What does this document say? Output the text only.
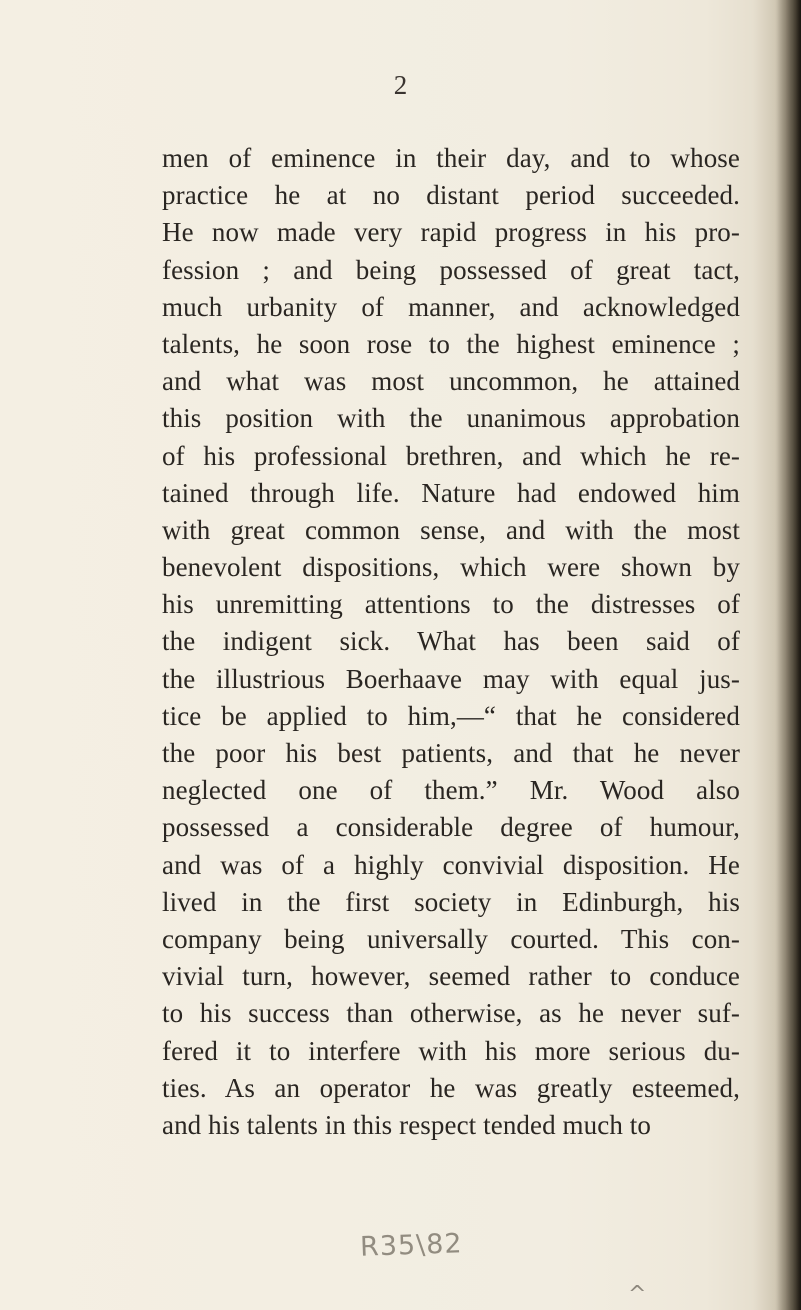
2
men of eminence in their day, and to whose
practice he at no distant period succeeded.
He now made very rapid progress in his pro-
fession ; and being possessed of great tact,
much urbanity of manner, and acknowledged
talents, he soon rose to the highest eminence ;
and what was most uncommon, he attained
this position with the unanimous approbation
of his professional brethren, and which he re-
tained through life. Nature had endowed him
with great common sense, and with the most
benevolent dispositions, which were shown by
his unremitting attentions to the distresses of
the indigent sick. What has been said of
the illustrious Boerhaave may with equal jus-
tice be applied to him,—“ that he considered
the poor his best patients, and that he never
neglected one of them.” Mr. Wood also
possessed a considerable degree of humour,
and was of a highly convivial disposition. He
lived in the first society in Edinburgh, his
company being universally courted. This con-
vivial turn, however, seemed rather to conduce
to his success than otherwise, as he never suf-
fered it to interfere with his more serious du-
ties. As an operator he was greatly esteemed,
and his talents in this respect tended much to
R35\82
^
